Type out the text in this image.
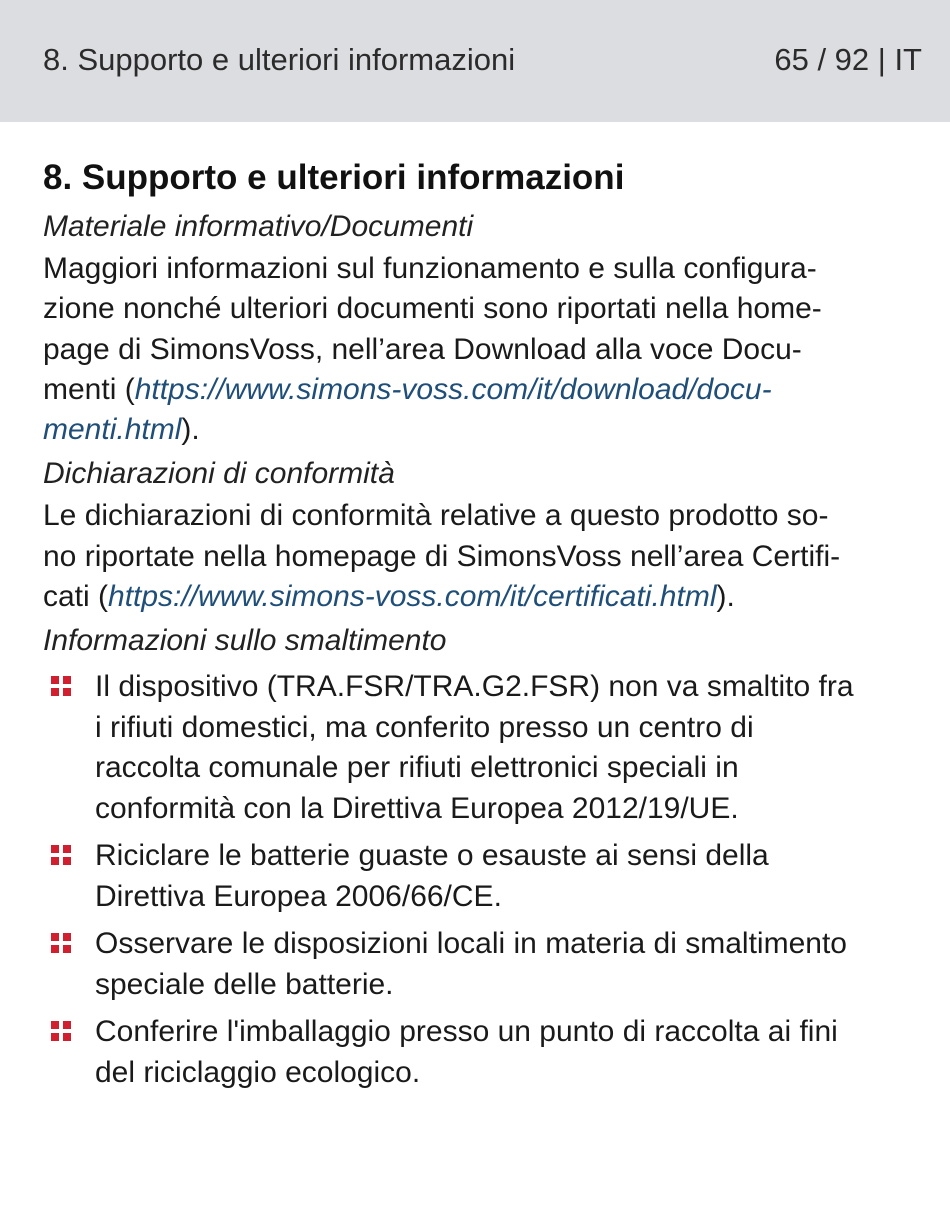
8. Supporto e ulteriori informazioni	65 / 92 | IT
8. Supporto e ulteriori informazioni
Materiale informativo/Documenti
Maggiori informazioni sul funzionamento e sulla configura-
zione nonché ulteriori documenti sono riportati nella home-
page di SimonsVoss, nell’area Download alla voce Docu-
menti (https://www.simons-voss.com/it/download/docu-
menti.html).
Dichiarazioni di conformità
Le dichiarazioni di conformità relative a questo prodotto so-
no riportate nella homepage di SimonsVoss nell’area Certifi-
cati (https://www.simons-voss.com/it/certificati.html).
Informazioni sullo smaltimento
Il dispositivo (TRA.FSR/TRA.G2.FSR) non va smaltito fra
i rifiuti domestici, ma conferito presso un centro di
raccolta comunale per rifiuti elettronici speciali in
conformità con la Direttiva Europea 2012/19/UE.
Riciclare le batterie guaste o esauste ai sensi della
Direttiva Europea 2006/66/CE.
Osservare le disposizioni locali in materia di smaltimento
speciale delle batterie.
Conferire l'imballaggio presso un punto di raccolta ai fini
del riciclaggio ecologico.
